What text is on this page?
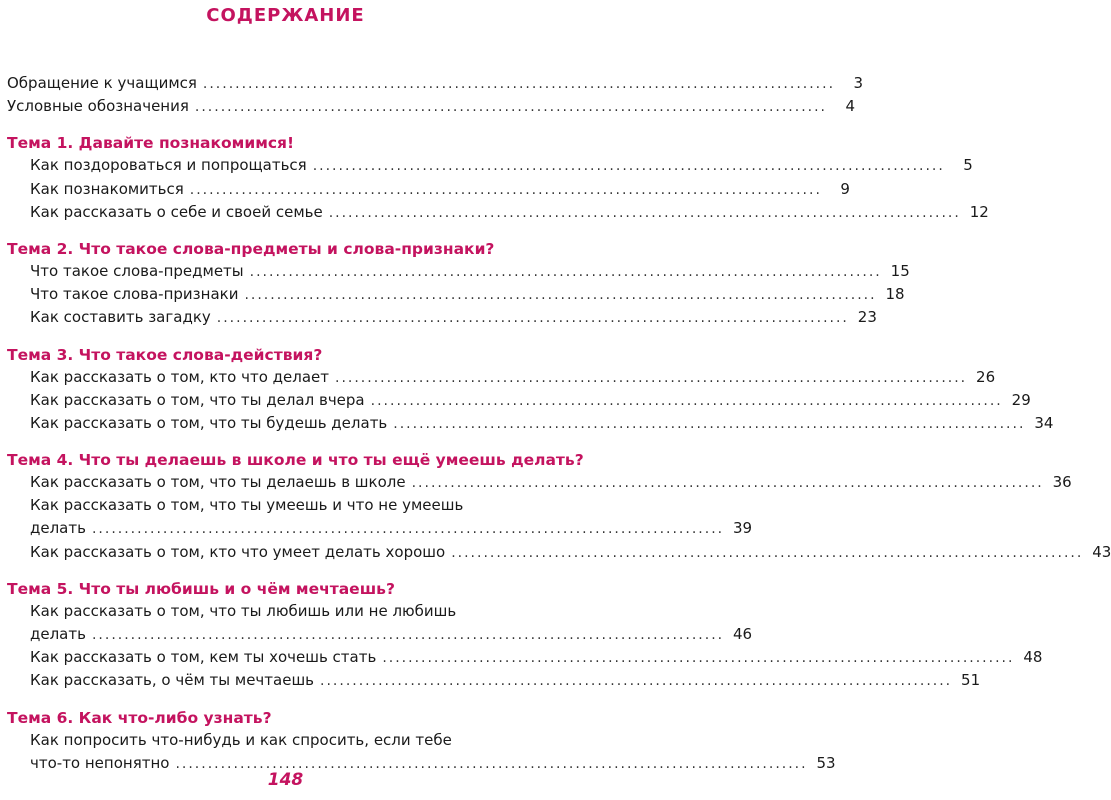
СОДЕРЖАНИЕ
Обращение к учащимся ..................................................................................................	3
Условные обозначения ..................................................................................................	4
Тема 1. Давайте познакомимся!
Как поздороваться и попрощаться ..................................................................................................	5
Как познакомиться ..................................................................................................	9
Как рассказать о себе и своей семье .................................................................................................. 12
Тема 2. Что такое слова-предметы и слова-признаки?
Что такое слова-предметы .................................................................................................. 15
Что такое слова-признаки .................................................................................................. 18
Как составить загадку .................................................................................................. 23
Тема 3. Что такое слова-действия?
Как рассказать о том, кто что делает .................................................................................................. 26
Как рассказать о том, что ты делал вчера .................................................................................................. 29
Как рассказать о том, что ты будешь делать .................................................................................................. 34
Тема 4. Что ты делаешь в школе и что ты ещё умеешь делать?
Как рассказать о том, что ты делаешь в школе .................................................................................................. 36
Как рассказать о том, что ты умеешь и что не умеешь
делать .................................................................................................. 39
Как рассказать о том, кто что умеет делать хорошо .................................................................................................. 43
Тема 5. Что ты любишь и о чём мечтаешь?
Как рассказать о том, что ты любишь или не любишь
делать .................................................................................................. 46
Как рассказать о том, кем ты хочешь стать .................................................................................................. 48
Как рассказать, о чём ты мечтаешь .................................................................................................. 51
Тема 6. Как что-либо узнать?
Как попросить что-нибудь и как спросить, если тебе
что-то непонятно .................................................................................................. 53
148
